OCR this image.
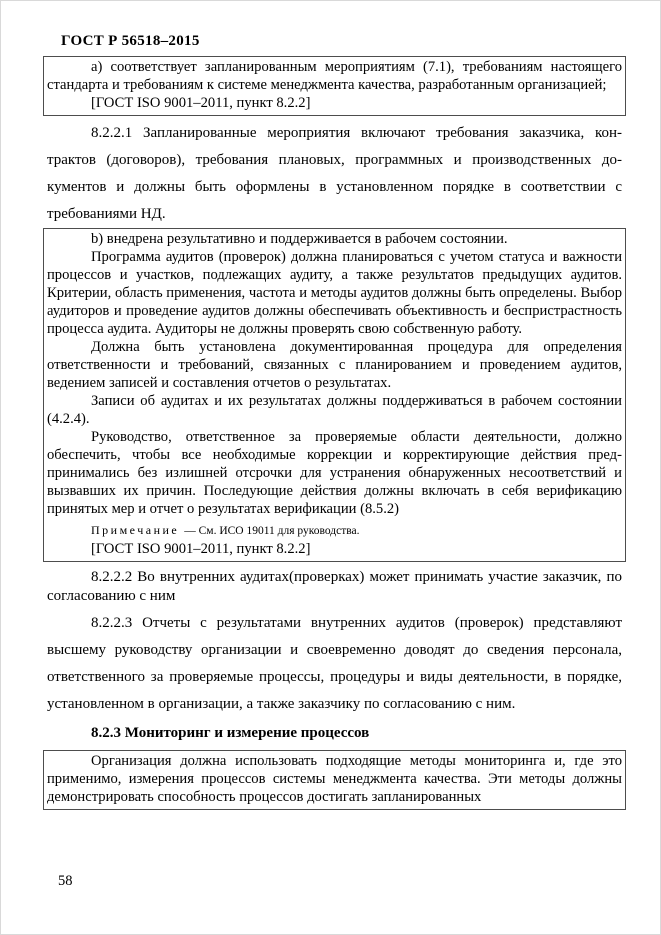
ГОСТ Р 56518–2015

а) соответствует запланированным мероприятиям (7.1), требованиям настоящего стандарта и требованиям к системе менеджмента качества, разработанным организацией;

[ГОСТ ISO 9001–2011, пункт 8.2.2]

8.2.2.1 Запланированные мероприятия включают требования заказчика, контрактов (договоров), требования плановых, программных и производственных документов и должны быть оформлены в установленном порядке в соответствии с требованиями НД.

b) внедрена результативно и поддерживается в рабочем состоянии.

Программа аудитов (проверок) должна планироваться с учетом статуса и важности процессов и участков, подлежащих аудиту, а также результатов предыдущих аудитов. Критерии, область применения, частота и методы аудитов должны быть определены. Выбор аудиторов и проведение аудитов должны обеспечивать объективность и беспристрастность процесса аудита. Аудиторы не должны проверять свою собственную работу.

Должна быть установлена документированная процедура для определения ответственности и требований, связанных с планированием и проведением аудитов, ведением записей и составления отчетов о результатах.

Записи об аудитах и их результатах должны поддерживаться в рабочем состоянии (4.2.4).

Руководство, ответственное за проверяемые области деятельности, должно обеспечить, чтобы все необходимые коррекции и корректирующие действия предпринимались без излишней отсрочки для устранения обнаруженных несоответствий и вызвавших их причин. Последующие действия должны включать в себя верификацию принятых мер и отчет о результатах верификации (8.5.2)

Примечание — См. ИСО 19011 для руководства.

[ГОСТ ISO 9001–2011, пункт 8.2.2]

8.2.2.2 Во внутренних аудитах(проверках) может принимать участие заказчик, по согласованию с ним

8.2.2.3 Отчеты с результатами внутренних аудитов (проверок) представляют высшему руководству организации и своевременно доводят до сведения персонала, ответственного за проверяемые процессы, процедуры и виды деятельности, в порядке, установленном в организации, а также заказчику по согласованию с ним.

8.2.3 Мониторинг и измерение процессов

Организация должна использовать подходящие методы мониторинга и, где это применимо, измерения процессов системы менеджмента качества. Эти методы должны демонстрировать способность процессов достигать запланированных

58
